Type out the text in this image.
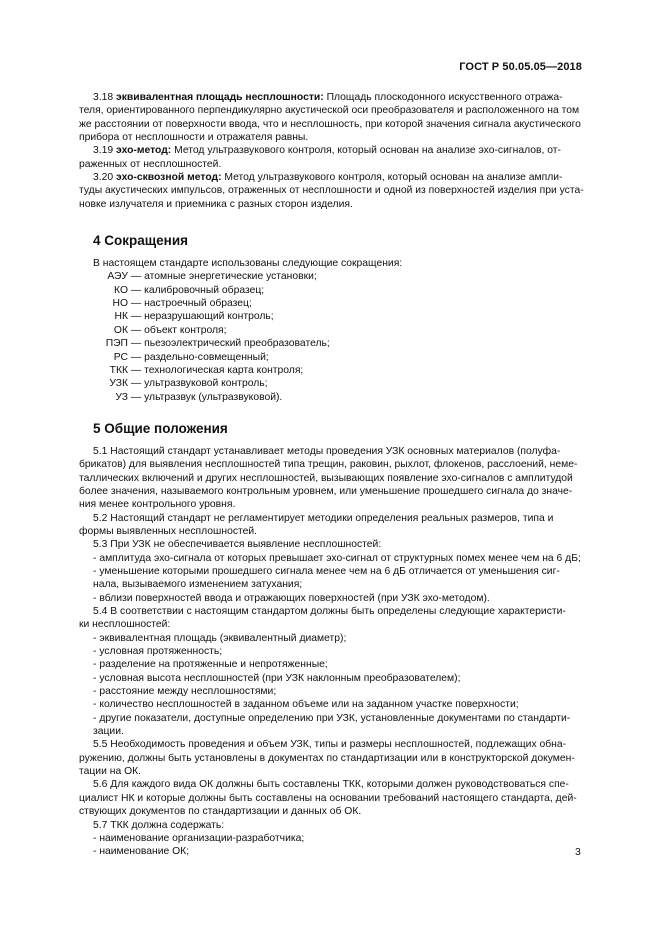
ГОСТ Р 50.05.05—2018

3.18 эквивалентная площадь несплошности: Площадь плоскодонного искусственного отража-
теля, ориентированного перпендикулярно акустической оси преобразователя и расположенного на том
же расстоянии от поверхности ввода, что и несплошность, при которой значения сигнала акустического
прибора от несплошности и отражателя равны.

3.19 эхо-метод: Метод ультразвукового контроля, который основан на анализе эхо-сигналов, от-
раженных от несплошностей.

3.20 эхо-сквозной метод: Метод ультразвукового контроля, который основан на анализе ампли-
туды акустических импульсов, отраженных от несплошности и одной из поверхностей изделия при уста-
новке излучателя и приемника с разных сторон изделия.

4 Сокращения

В настоящем стандарте использованы следующие сокращения:

АЭУ — атомные энергетические установки;
КО — калибровочный образец;
НО — настроечный образец;
НК — неразрушающий контроль;
ОК — объект контроля;
ПЭП — пьезоэлектрический преобразователь;
РС — раздельно-совмещенный;
ТКК — технологическая карта контроля;
УЗК — ультразвуковой контроль;
УЗ — ультразвук (ультразвуковой).
5 Общие положения

5.1 Настоящий стандарт устанавливает методы проведения УЗК основных материалов (полуфа-
брикатов) для выявления несплошностей типа трещин, раковин, рыхлот, флокенов, расслоений, неме-
таллических включений и других несплошностей, вызывающих появление эхо-сигналов с амплитудой
более значения, называемого контрольным уровнем, или уменьшение прошедшего сигнала до значе-
ния менее контрольного уровня.

5.2 Настоящий стандарт не регламентирует методики определения реальных размеров, типа и
формы выявленных несплошностей.

5.3 При УЗК не обеспечивается выявление несплошностей:

- амплитуда эхо-сигнала от которых превышает эхо-сигнал от структурных помех менее чем на 6 дБ;

- уменьшение которыми прошедшего сигнала менее чем на 6 дБ отличается от уменьшения сиг-
нала, вызываемого изменением затухания;

- вблизи поверхностей ввода и отражающих поверхностей (при УЗК эхо-методом).

5.4 В соответствии с настоящим стандартом должны быть определены следующие характеристи-
ки несплошностей:

- эквивалентная площадь (эквивалентный диаметр);

- условная протяженность;

- разделение на протяженные и непротяженные;

- условная высота несплошностей (при УЗК наклонным преобразователем);

- расстояние между несплошностями;

- количество несплошностей в заданном объеме или на заданном участке поверхности;

- другие показатели, доступные определению при УЗК, установленные документами по стандарти-
зации.

5.5 Необходимость проведения и объем УЗК, типы и размеры несплошностей, подлежащих обна-
ружению, должны быть установлены в документах по стандартизации или в конструкторской докумен-
тации на ОК.

5.6 Для каждого вида ОК должны быть составлены ТКК, которыми должен руководствоваться спе-
циалист НК и которые должны быть составлены на основании требований настоящего стандарта, дей-
ствующих документов по стандартизации и данных об ОК.

5.7 ТКК должна содержать:

- наименование организации-разработчика;

- наименование ОК;	3
